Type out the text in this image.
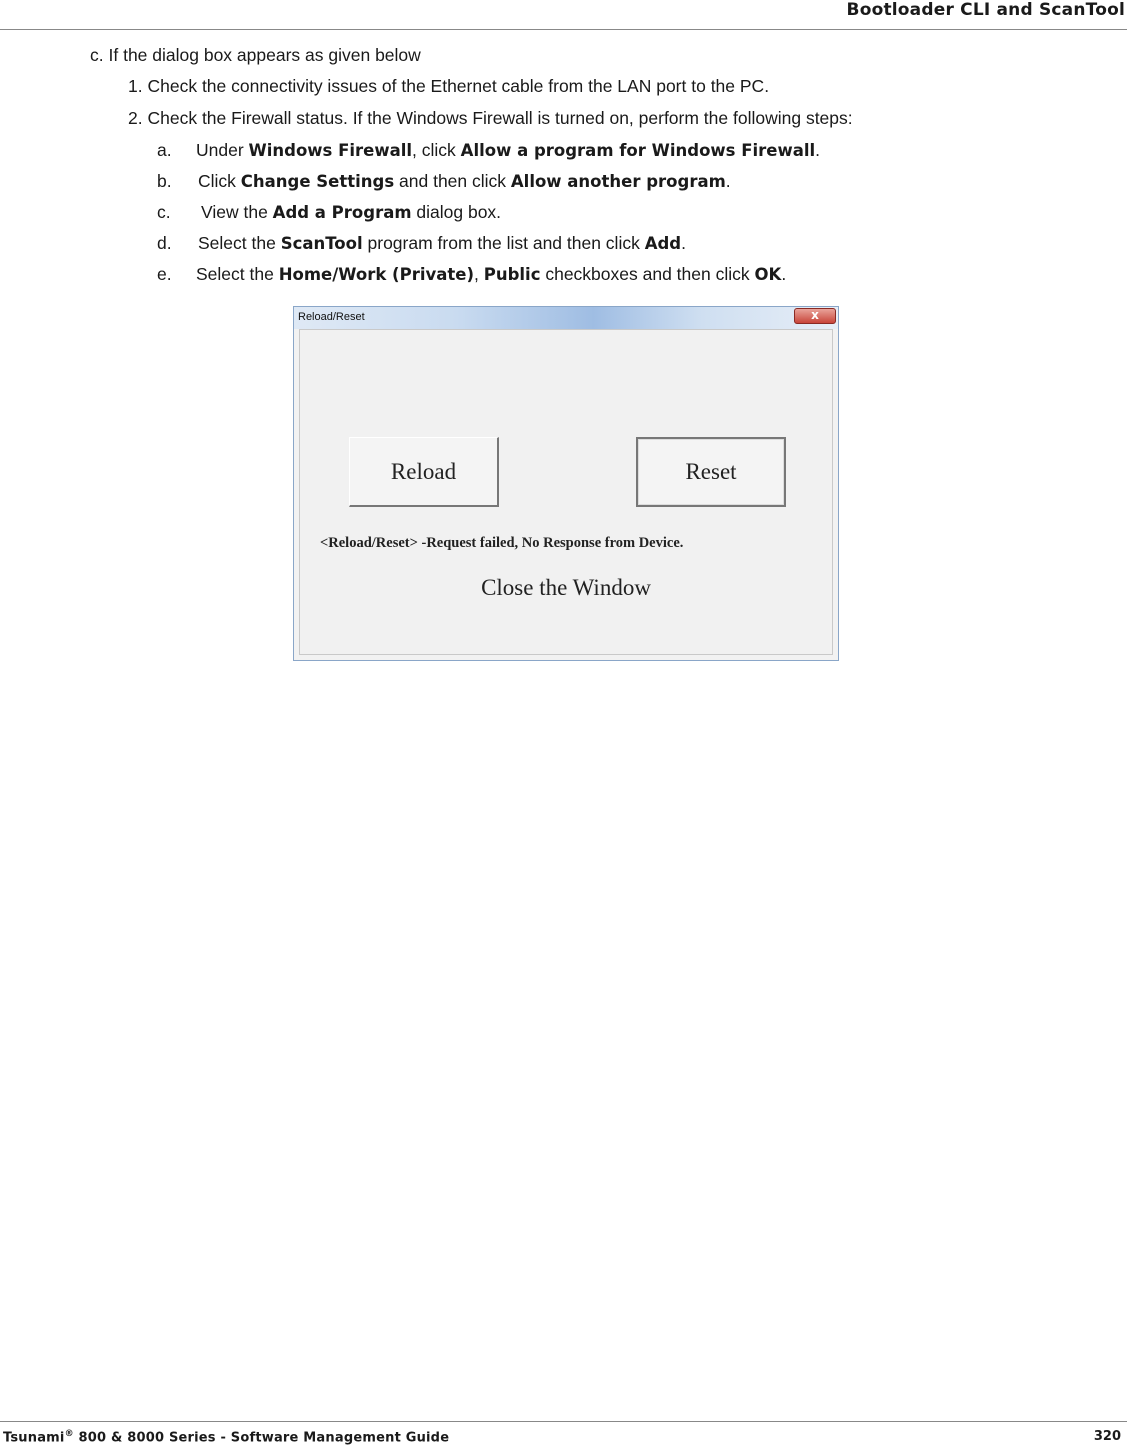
Bootloader CLI and ScanTool
c. If the dialog box appears as given below
1. Check the connectivity issues of the Ethernet cable from the LAN port to the PC.
2. Check the Firewall status. If the Windows Firewall is turned on, perform the following steps:
a. Under Windows Firewall, click Allow a program for Windows Firewall.
b. Click Change Settings and then click Allow another program.
c. View the Add a Program dialog box.
d. Select the ScanTool program from the list and then click Add.
e. Select the Home/Work (Private), Public checkboxes and then click OK.
Reload/Reset	x
Reload	Reset
<Reload/Reset> -Request failed, No Response from Device.
Close the Window
Tsunami® 800 & 8000 Series - Software Management Guide	320
